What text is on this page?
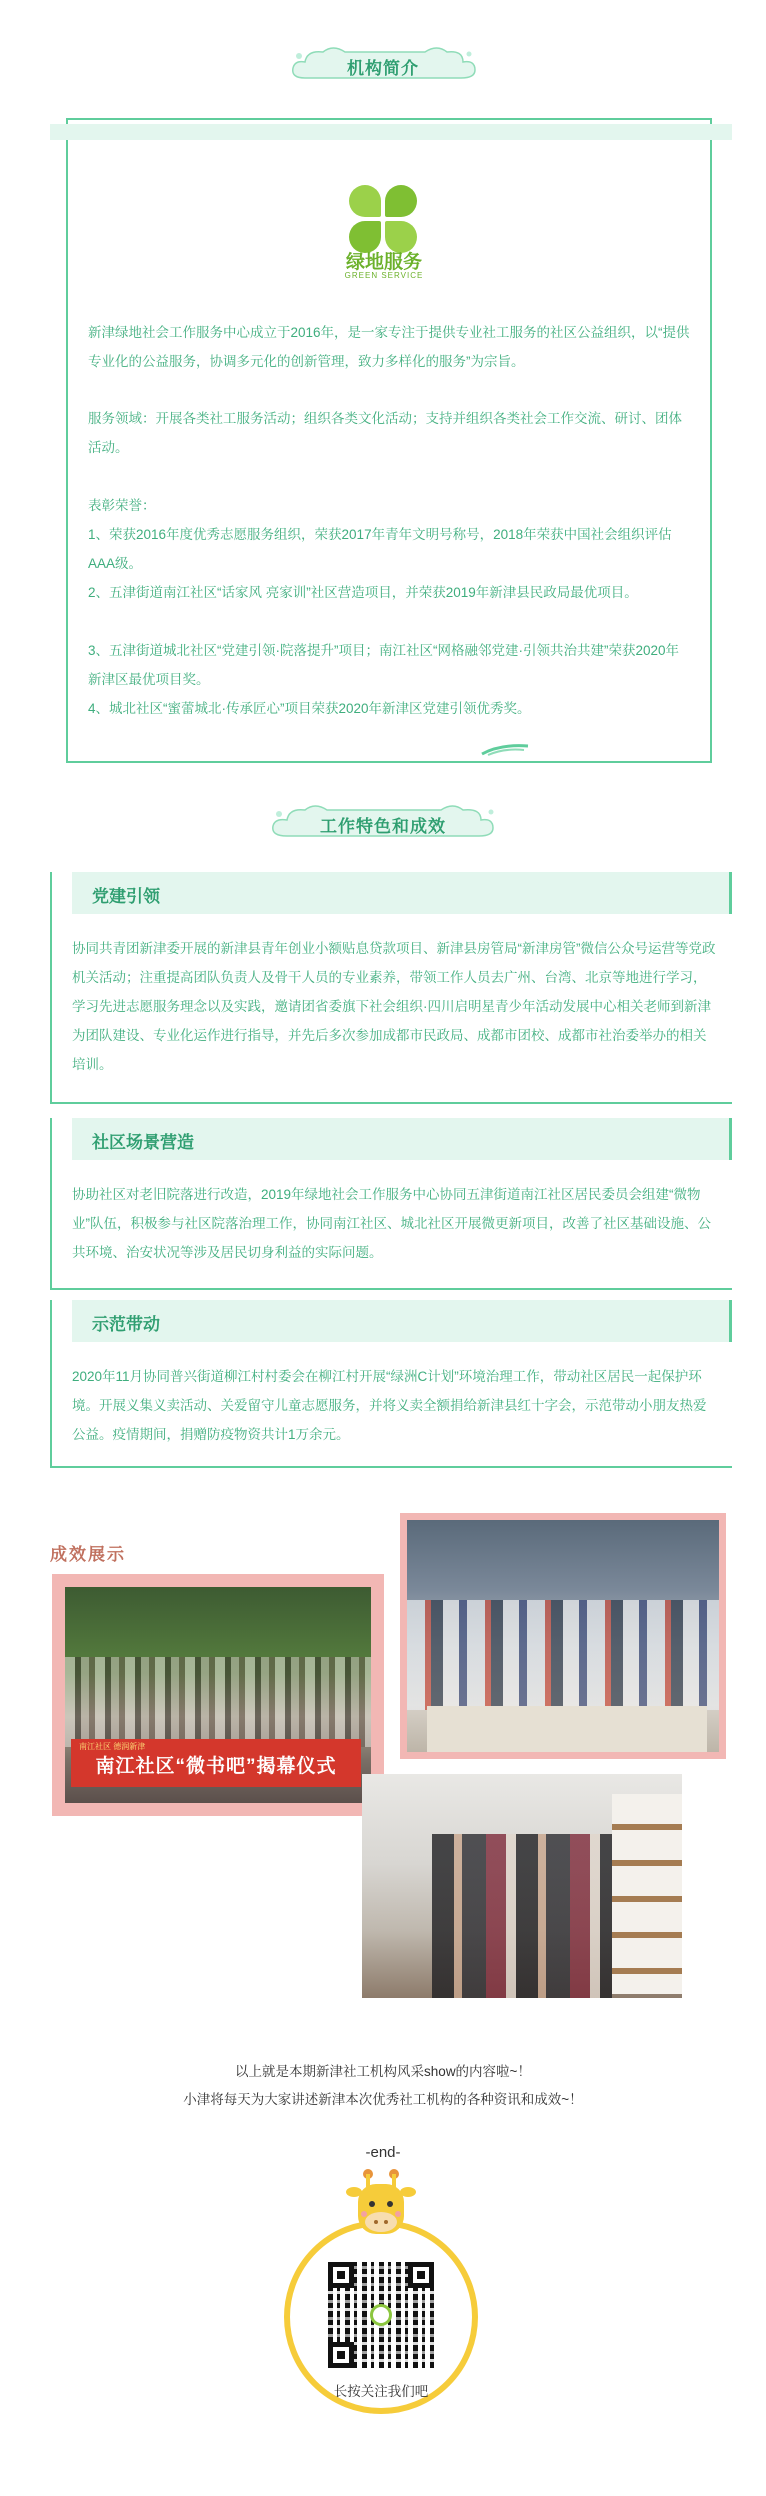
机构简介
绿地服务
GREEN SERVICE
新津绿地社会工作服务中心成立于2016年，是一家专注于提供专业社工服务的社区公益组织，以“提供专业化的公益服务，协调多元化的创新管理，致力多样化的服务”为宗旨。
服务领域：开展各类社工服务活动；组织各类文化活动；支持并组织各类社会工作交流、研讨、团体活动。
表彰荣誉：
1、荣获2016年度优秀志愿服务组织，荣获2017年青年文明号称号，2018年荣获中国社会组织评估AAA级。
2、五津街道南江社区“话家风 亮家训”社区营造项目，并荣获2019年新津县民政局最优项目。
3、五津街道城北社区“党建引领·院落提升”项目；南江社区“网格融邻党建·引领共治共建”荣获2020年新津区最优项目奖。
4、城北社区“蜜蕾城北·传承匠心”项目荣获2020年新津区党建引领优秀奖。
工作特色和成效
党建引领
协同共青团新津委开展的新津县青年创业小额贴息贷款项目、新津县房管局“新津房管”微信公众号运营等党政机关活动；注重提高团队负责人及骨干人员的专业素养，带领工作人员去广州、台湾、北京等地进行学习，学习先进志愿服务理念以及实践，邀请团省委旗下社会组织·四川启明星青少年活动发展中心相关老师到新津为团队建设、专业化运作进行指导，并先后多次参加成都市民政局、成都市团校、成都市社治委举办的相关培训。
社区场景营造
协助社区对老旧院落进行改造，2019年绿地社会工作服务中心协同五津街道南江社区居民委员会组建“微物业”队伍，积极参与社区院落治理工作，协同南江社区、城北社区开展微更新项目，改善了社区基础设施、公共环境、治安状况等涉及居民切身利益的实际问题。
示范带动
2020年11月协同普兴街道柳江村村委会在柳江村开展“绿洲C计划”环境治理工作，带动社区居民一起保护环境。开展义集义卖活动、关爱留守儿童志愿服务，并将义卖全额捐给新津县红十字会，示范带动小朋友热爱公益。疫情期间，捐赠防疫物资共计1万余元。
成效展示
南江社区 德润新津
南江社区“微书吧”揭幕仪式
以上就是本期新津社工机构风采show的内容啦~！
小津将每天为大家讲述新津本次优秀社工机构的各种资讯和成效~！
-end-
长按关注我们吧
